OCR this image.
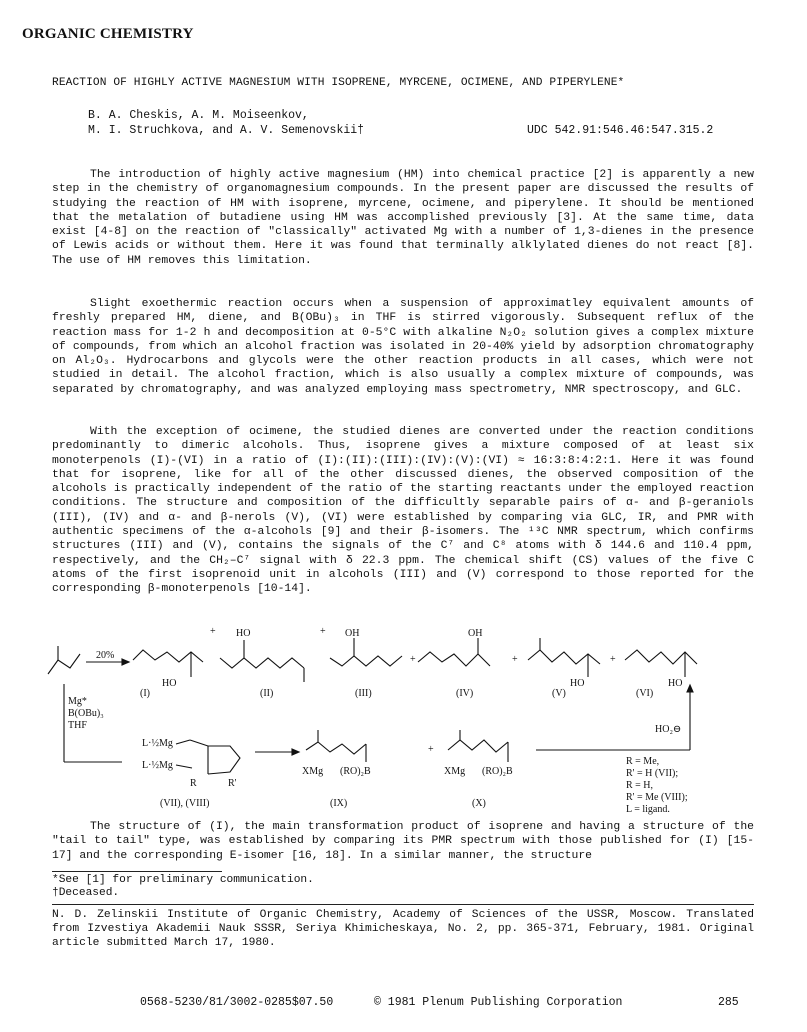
ORGANIC CHEMISTRY
REACTION OF HIGHLY ACTIVE MAGNESIUM WITH ISOPRENE, MYRCENE, OCIMENE, AND PIPERYLENE*
B. A. Cheskis, A. M. Moiseenkov,
M. I. Struchkova, and A. V. Semenovskii†	UDC 542.91:546.46:547.315.2

The introduction of highly active magnesium (HM) into chemical practice [2] is apparently a new step in the chemistry of organomagnesium compounds. In the present paper are discussed the results of studying the reaction of HM with isoprene, myrcene, ocimene, and piperylene. It should be mentioned that the metalation of butadiene using HM was accomplished previously [3]. At the same time, data exist [4-8] on the reaction of "classically" activated Mg with a number of 1,3-dienes in the presence of Lewis acids or without them. Here it was found that terminally alklylated dienes do not react [8]. The use of HM removes this limitation.

Slight exoethermic reaction occurs when a suspension of approximatley equivalent amounts of freshly prepared HM, diene, and B(OBu)₃ in THF is stirred vigorously. Subsequent reflux of the reaction mass for 1-2 h and decomposition at 0-5°C with alkaline N₂O₂ solution gives a complex mixture of compounds, from which an alcohol fraction was isolated in 20-40% yield by adsorption chromatography on Al₂O₃. Hydrocarbons and glycols were the other reaction products in all cases, which were not studied in detail. The alcohol fraction, which is also usually a complex mixture of compounds, was separated by chromatography, and was analyzed employing mass spectrometry, NMR spectroscopy, and GLC.

With the exception of ocimene, the studied dienes are converted under the reaction conditions predominantly to dimeric alcohols. Thus, isoprene gives a mixture composed of at least six monoterpenols (I)-(VI) in a ratio of (I):(II):(III):(IV):(V):(VI) ≈ 16:3:8:4:2:1. Here it was found that for isoprene, like for all of the other discussed dienes, the observed composition of the alcohols is practically independent of the ratio of the starting reactants under the employed reaction conditions. The structure and composition of the difficultly separable pairs of α- and β-geraniols (III), (IV) and α- and β-nerols (V), (VI) were established by comparing via GLC, IR, and PMR with authentic specimens of the α-alcohols [9] and their β-isomers. The ¹³C NMR spectrum, which confirms structures (III) and (V), contains the signals of the C⁷ and C⁸ atoms with δ 144.6 and 110.4 ppm, respectively, and the CH₂–C⁷ signal with δ 22.3 ppm. The chemical shift (CS) values of the five C atoms of the first isoprenoid unit in alcohols (III) and (V) correspond to those reported for the corresponding β-monoterpenols [10-14].

20%
+	+
+	+	+
HO	OH	OH
HO	HO	HO
(I)	(II)	(III)	(IV)	(V)	(VI)
Mg*
B(OBu)₃
THF
L·½Mg
L·½Mg
R	R'
(VII), (VIII)
XMg (RO)₂B
(IX)
+
XMg (RO)₂B
(X)
HO₂⊖
R = Me,
R' = H (VII);
R = H,
R' = Me (VIII);
L = ligand.

The structure of (I), the main transformation product of isoprene and having a structure of the "tail to tail" type, was established by comparing its PMR spectrum with those published for (I) [15-17] and the corresponding E-isomer [16, 18]. In a similar manner, the structure

*See [1] for preliminary communication.
†Deceased.
N. D. Zelinskii Institute of Organic Chemistry, Academy of Sciences of the USSR, Moscow. Translated from Izvestiya Akademii Nauk SSSR, Seriya Khimicheskaya, No. 2, pp. 365-371, February, 1981. Original article submitted March 17, 1980.
0568-5230/81/3002-0285$07.50	© 1981 Plenum Publishing Corporation	285
